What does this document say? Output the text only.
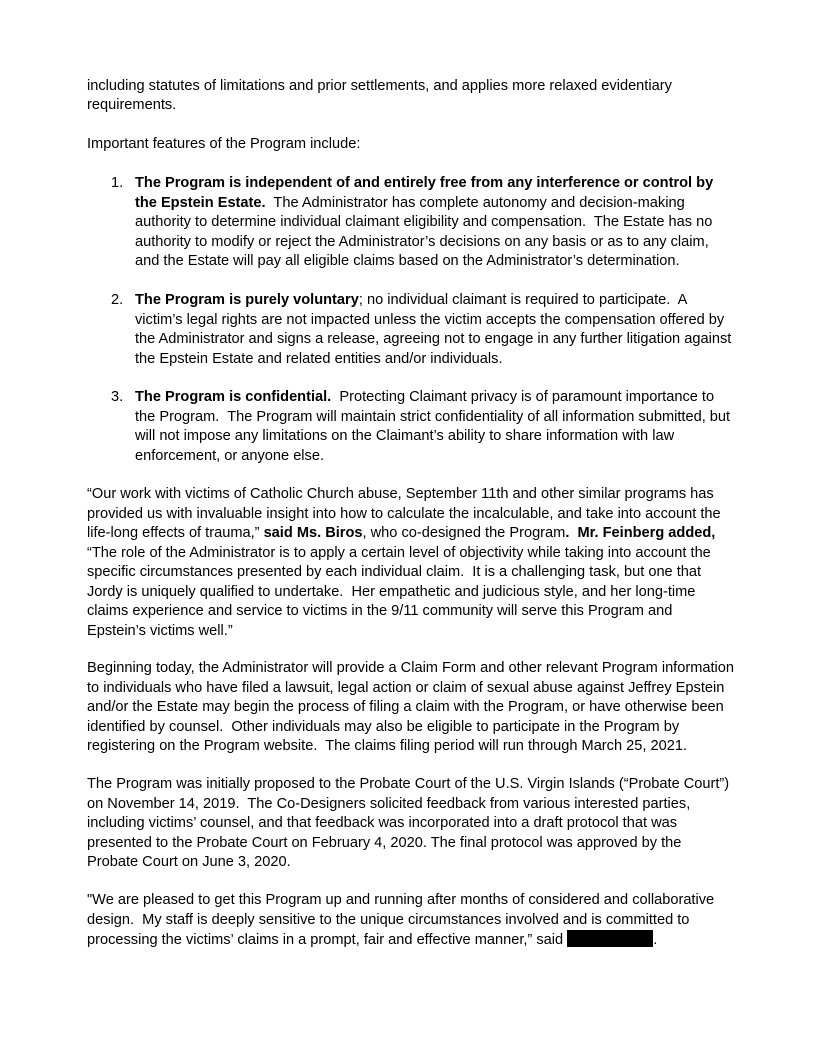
including statutes of limitations and prior settlements, and applies more relaxed evidentiary
requirements.
Important features of the Program include:
1. The Program is independent of and entirely free from any interference or control by
the Epstein Estate.  The Administrator has complete autonomy and decision-making
authority to determine individual claimant eligibility and compensation.  The Estate has no
authority to modify or reject the Administrator’s decisions on any basis or as to any claim,
and the Estate will pay all eligible claims based on the Administrator’s determination.
2. The Program is purely voluntary; no individual claimant is required to participate.  A
victim’s legal rights are not impacted unless the victim accepts the compensation offered by
the Administrator and signs a release, agreeing not to engage in any further litigation against
the Epstein Estate and related entities and/or individuals.
3. The Program is confidential.  Protecting Claimant privacy is of paramount importance to
the Program.  The Program will maintain strict confidentiality of all information submitted, but
will not impose any limitations on the Claimant’s ability to share information with law
enforcement, or anyone else.
“Our work with victims of Catholic Church abuse, September 11th and other similar programs has
provided us with invaluable insight into how to calculate the incalculable, and take into account the
life-long effects of trauma,” said Ms. Biros, who co-designed the Program.  Mr. Feinberg added,
“The role of the Administrator is to apply a certain level of objectivity while taking into account the
specific circumstances presented by each individual claim.  It is a challenging task, but one that
Jordy is uniquely qualified to undertake.  Her empathetic and judicious style, and her long-time
claims experience and service to victims in the 9/11 community will serve this Program and
Epstein’s victims well.”
Beginning today, the Administrator will provide a Claim Form and other relevant Program information
to individuals who have filed a lawsuit, legal action or claim of sexual abuse against Jeffrey Epstein
and/or the Estate may begin the process of filing a claim with the Program, or have otherwise been
identified by counsel.  Other individuals may also be eligible to participate in the Program by
registering on the Program website.  The claims filing period will run through March 25, 2021.
The Program was initially proposed to the Probate Court of the U.S. Virgin Islands (“Probate Court”)
on November 14, 2019.  The Co-Designers solicited feedback from various interested parties,
including victims’ counsel, and that feedback was incorporated into a draft protocol that was
presented to the Probate Court on February 4, 2020. The final protocol was approved by the
Probate Court on June 3, 2020.
"We are pleased to get this Program up and running after months of considered and collaborative
design.  My staff is deeply sensitive to the unique circumstances involved and is committed to
processing the victims’ claims in a prompt, fair and effective manner,” said	.
